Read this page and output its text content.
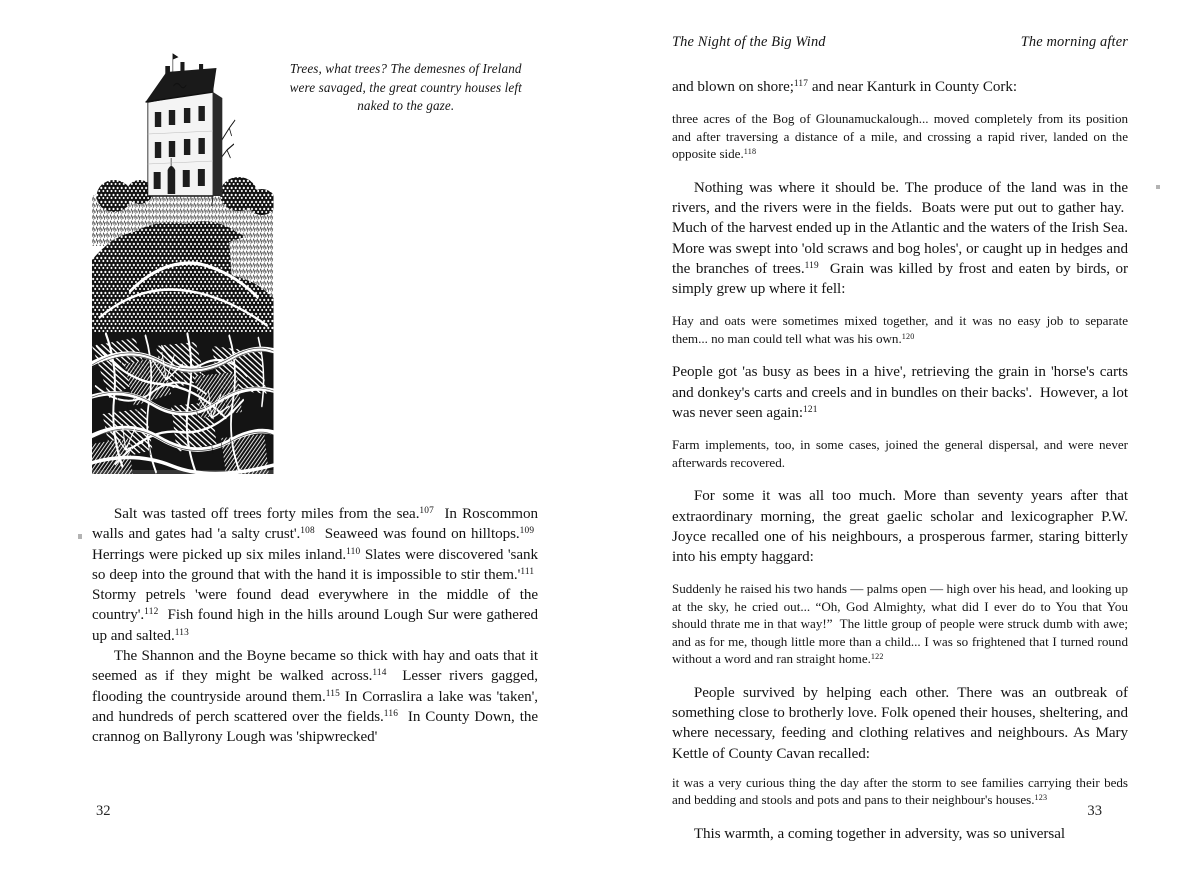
Trees, what trees? The demesnes of Ireland were savaged, the great country houses left naked to the gaze.

Salt was tasted off trees forty miles from the sea.$^{107}$  In Roscommon walls and gates had 'a salty crust'.$^{108}$  Seaweed was found on hilltops.$^{109}$  Herrings were picked up six miles inland.$^{110}$ Slates were discovered 'sank so deep into the ground that with the hand it is impossible to stir them.'$^{111}$  Stormy petrels 'were found dead everywhere in the middle of the country'.$^{112}$  Fish found high in the hills around Lough Sur were gathered up and salted.$^{113}$

The Shannon and the Boyne became so thick with hay and oats that it seemed as if they might be walked across.$^{114}$  Lesser rivers gagged, flooding the countryside around them.$^{115}$ In Corraslira a lake was 'taken', and hundreds of perch scattered over the fields.$^{116}$  In County Down, the crannog on Ballyrony Lough was 'shipwrecked'

32
The Night of the Big Wind	The morning after

and blown on shore;$^{117}$ and near Kanturk in County Cork:

three acres of the Bog of Glounamuckalough... moved completely from its position and after traversing a distance of a mile, and crossing a rapid river, landed on the opposite side.$^{118}$

Nothing was where it should be. The produce of the land was in the rivers, and the rivers were in the fields.  Boats were put out to gather hay.  Much of the harvest ended up in the Atlantic and the waters of the Irish Sea. More was swept into 'old scraws and bog holes', or caught up in hedges and the branches of trees.$^{119}$  Grain was killed by frost and eaten by birds, or simply grew up where it fell:

Hay and oats were sometimes mixed together, and it was no easy job to separate them... no man could tell what was his own.$^{120}$

People got 'as busy as bees in a hive', retrieving the grain in 'horse's carts and donkey's carts and creels and in bundles on their backs'.  However, a lot was never seen again:$^{121}$

Farm implements, too, in some cases, joined the general dispersal, and were never afterwards recovered.

For some it was all too much. More than seventy years after that extraordinary morning, the great gaelic scholar and lexicographer P.W. Joyce recalled one of his neighbours, a prosperous farmer, staring bitterly into his empty haggard:

Suddenly he raised his two hands — palms open — high over his head, and looking up at the sky, he cried out... “Oh, God Almighty, what did I ever do to You that You should thrate me in that way!”  The little group of people were struck dumb with awe; and as for me, though little more than a child... I was so frightened that I turned round without a word and ran straight home.$^{122}$

People survived by helping each other. There was an outbreak of something close to brotherly love. Folk opened their houses, sheltering, and where necessary, feeding and clothing relatives and neighbours. As Mary Kettle of County Cavan recalled:

it was a very curious thing the day after the storm to see families carrying their beds and bedding and stools and pots and pans to their neighbour's houses.$^{123}$

This warmth, a coming together in adversity, was so universal

33
